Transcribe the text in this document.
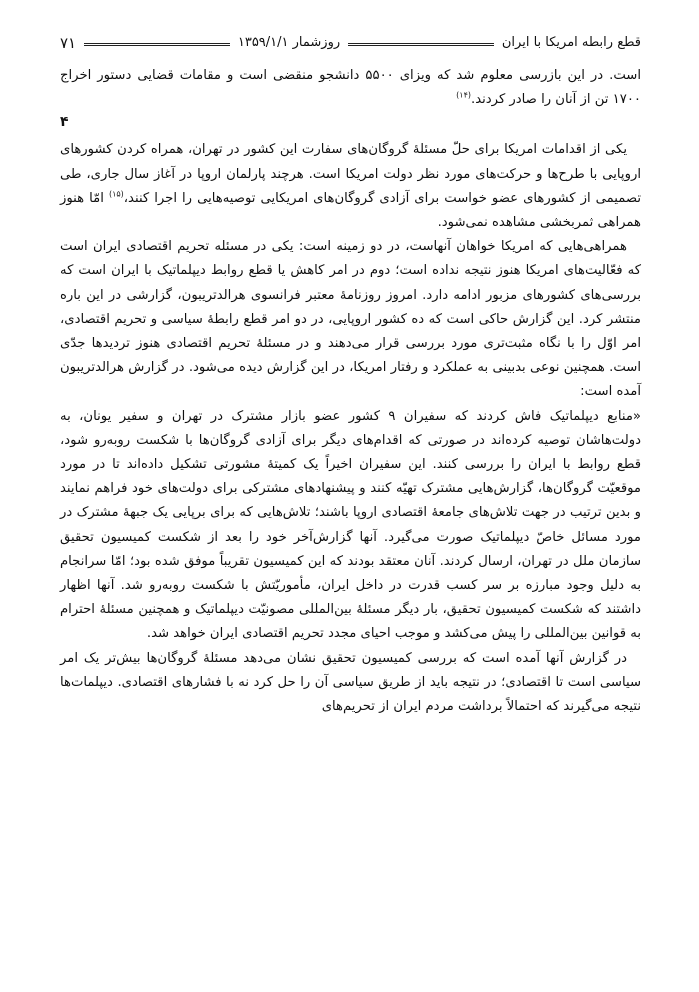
۷۱	روزشمار ۱۳۵۹/۱/۱	قطع رابطه امریکا با ایران

است. در این بازرسی معلوم شد که ویزای ۵۵۰۰ دانشجو منقضی است و مقامات قضایی دستور اخراج ۱۷۰۰ تن از آنان را صادر کردند.$^{(۱۴)}$

۴

یکی از اقدامات امریکا برای حلّ مسئلهٔ گروگان‌های سفارت این کشور در تهران، همراه کردن کشورهای اروپایی با طرح‌ها و حرکت‌های مورد نظر دولت امریکا است. هرچند پارلمان اروپا در آغاز سال جاری، طی تصمیمی از کشورهای عضو خواست برای آزادی گروگان‌های امریکایی توصیه‌هایی را اجرا کنند،$^{(۱۵)}$ امّا هنوز همراهی ثمربخشی مشاهده نمی‌شود.

همراهی‌هایی که امریکا خواهان آنهاست، در دو زمینه است: یکی در مسئله تحریم اقتصادی ایران است که فعّالیت‌های امریکا هنوز نتیجه نداده است؛ دوم در امر کاهش یا قطع روابط دیپلماتیک با ایران است که بررسی‌های کشورهای مزبور ادامه دارد. امروز روزنامهٔ معتبر فرانسوی هرالدتریبون، گزارشی در این باره منتشر کرد. این گزارش حاکی است که ده کشور اروپایی، در دو امر قطع رابطهٔ سیاسی و تحریم اقتصادی، امر اوّل را با نگاه مثبت‌تری مورد بررسی قرار می‌دهند و در مسئلهٔ تحریم اقتصادی هنوز تردیدها جدّی است. همچنین نوعی بدبینی به عملکرد و رفتار امریکا، در این گزارش دیده می‌شود. در گزارش هرالدتریبون آمده است:

«منابع دیپلماتیک فاش کردند که سفیران ۹ کشور عضو بازار مشترک در تهران و سفیر یونان، به دولت‌هاشان توصیه کرده‌اند در صورتی که اقدام‌های دیگر برای آزادی گروگان‌ها با شکست روبه‌رو شود، قطع روابط با ایران را بررسی کنند. این سفیران اخیراً یک کمیتهٔ مشورتی تشکیل داده‌اند تا در مورد موقعیّت گروگان‌ها، گزارش‌هایی مشترک تهیّه کنند و پیشنهادهای مشترکی برای دولت‌های خود فراهم نمایند و بدین ترتیب در جهت تلاش‌های جامعهٔ اقتصادی اروپا باشند؛ تلاش‌هایی که برای برپایی یک جبههٔ مشترک در مورد مسائل خاصّ دیپلماتیک صورت می‌گیرد. آنها گزارش‌آخر خود را بعد از شکست کمیسیون تحقیق سازمان ملل در تهران، ارسال کردند. آنان معتقد بودند که این کمیسیون تقریباً موفق شده بود؛ امّا سرانجام به دلیل وجود مبارزه بر سر کسب قدرت در داخل ایران، مأموریّتش با شکست روبه‌رو شد. آنها اظهار داشتند که شکست کمیسیون تحقیق، بار دیگر مسئلهٔ بین‌المللی مصونیّت دیپلماتیک و همچنین مسئلهٔ احترام به قوانین بین‌المللی را پیش می‌کشد و موجب احیای مجدد تحریم اقتصادی ایران خواهد شد.

در گزارش آنها آمده است که بررسی کمیسیون تحقیق نشان می‌دهد مسئلهٔ گروگان‌ها بیش‌تر یک امر سیاسی است تا اقتصادی؛ در نتیجه باید از طریق سیاسی آن را حل کرد نه با فشارهای اقتصادی. دیپلمات‌ها نتیجه می‌گیرند که احتمالاً برداشت مردم ایران از تحریم‌های
